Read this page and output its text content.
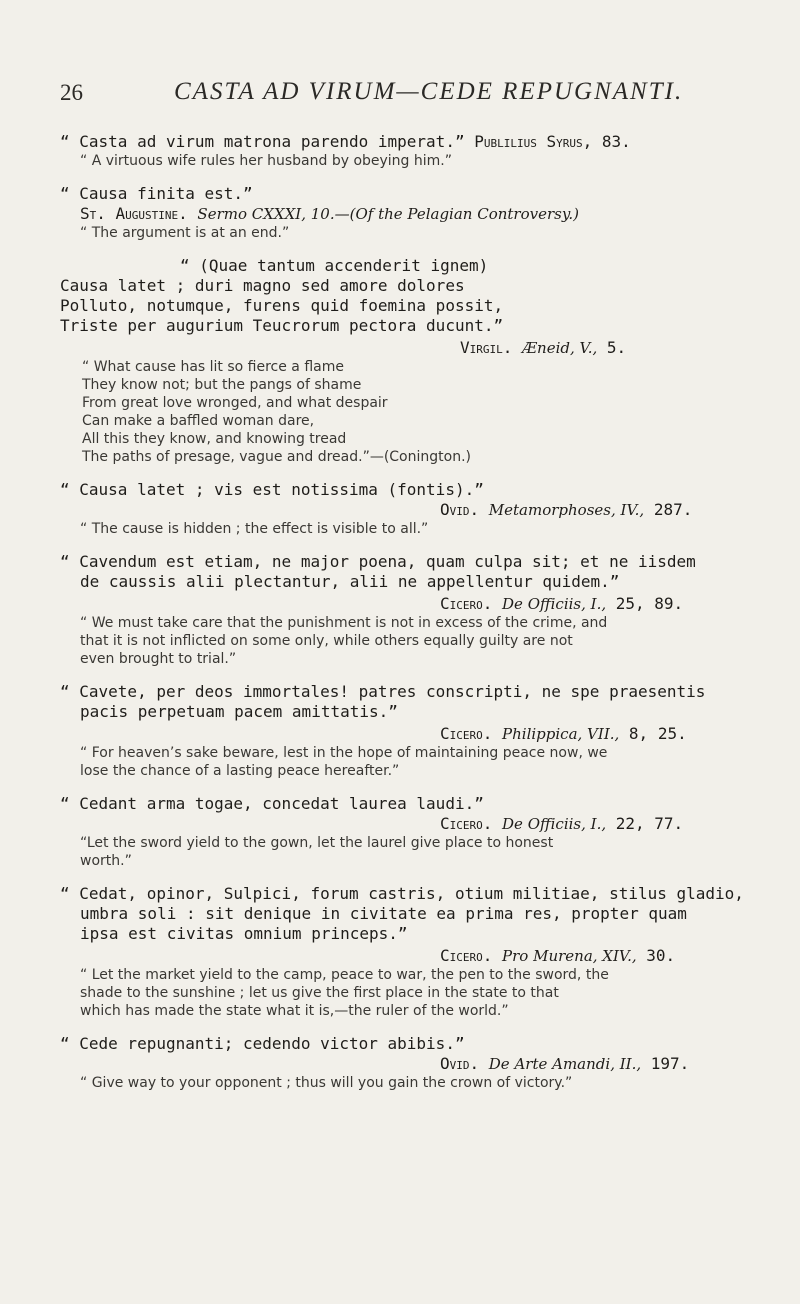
26	CASTA AD VIRUM—CEDE REPUGNANTI.
“ Casta ad virum matrona parendo imperat.” Publilius Syrus, 83.
“ A virtuous wife rules her husband by obeying him.”
“ Causa finita est.”
St. Augustine. Sermo CXXXI, 10.—(Of the Pelagian Controversy.)
“ The argument is at an end.”
“ (Quae tantum accenderit ignem)
Causa latet ; duri magno sed amore dolores
Polluto, notumque, furens quid foemina possit,
Triste per augurium Teucrorum pectora ducunt.”
Virgil. Æneid, V., 5.
“ What cause has lit so fierce a flame
They know not; but the pangs of shame
From great love wronged, and what despair
Can make a baffled woman dare,
All this they know, and knowing tread
The paths of presage, vague and dread.”—(Conington.)
“ Causa latet ; vis est notissima (fontis).”
Ovid. Metamorphoses, IV., 287.
“ The cause is hidden ; the effect is visible to all.”
“ Cavendum est etiam, ne major poena, quam culpa sit; et ne iisdem
de caussis alii plectantur, alii ne appellentur quidem.”
Cicero. De Officiis, I., 25, 89.
“ We must take care that the punishment is not in excess of the crime, and
that it is not inflicted on some only, while others equally guilty are not
even brought to trial.”
“ Cavete, per deos immortales! patres conscripti, ne spe praesentis
pacis perpetuam pacem amittatis.”
Cicero. Philippica, VII., 8, 25.
“ For heaven’s sake beware, lest in the hope of maintaining peace now, we
lose the chance of a lasting peace hereafter.”
“ Cedant arma togae, concedat laurea laudi.”
Cicero. De Officiis, I., 22, 77.
“Let the sword yield to the gown, let the laurel give place to honest
worth.”
“ Cedat, opinor, Sulpici, forum castris, otium militiae, stilus gladio,
umbra soli : sit denique in civitate ea prima res, propter quam
ipsa est civitas omnium princeps.”
Cicero. Pro Murena, XIV., 30.
“ Let the market yield to the camp, peace to war, the pen to the sword, the
shade to the sunshine ; let us give the first place in the state to that
which has made the state what it is,—the ruler of the world.”
“ Cede repugnanti; cedendo victor abibis.”
Ovid. De Arte Amandi, II., 197.
“ Give way to your opponent ; thus will you gain the crown of victory.”
